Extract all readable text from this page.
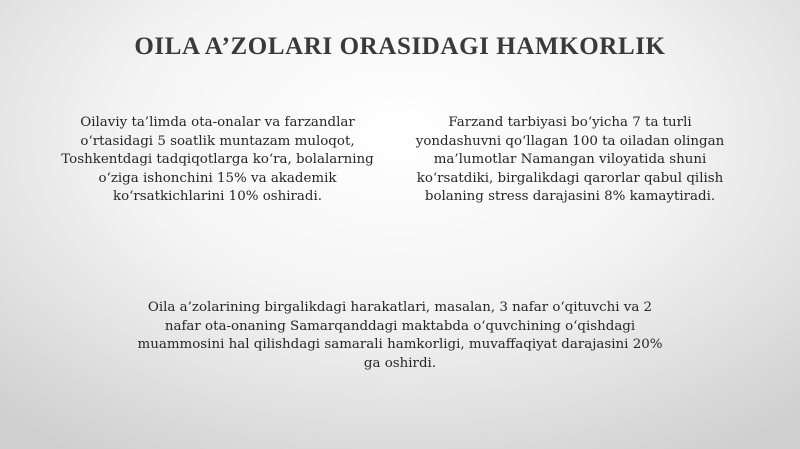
OILA A’ZOLARI ORASIDAGI HAMKORLIK

Oilaviy ta’limda ota-onalar va farzandlar o‘rtasidagi 5 soatlik muntazam muloqot, Toshkentdagi tadqiqotlarga ko‘ra, bolalarning o‘ziga ishonchini 15% va akademik ko‘rsatkichlarini 10% oshiradi.

Farzand tarbiyasi bo‘yicha 7 ta turli yondashuvni qo‘llagan 100 ta oiladan olingan ma’lumotlar Namangan viloyatida shuni ko‘rsatdiki, birgalikdagi qarorlar qabul qilish bolaning stress darajasini 8% kamaytiradi.

Oila a’zolarining birgalikdagi harakatlari, masalan, 3 nafar o‘qituvchi va 2 nafar ota-onaning Samarqanddagi maktabda o‘quvchining o‘qishdagi muammosini hal qilishdagi samarali hamkorligi, muvaffaqiyat darajasini 20% ga oshirdi.
